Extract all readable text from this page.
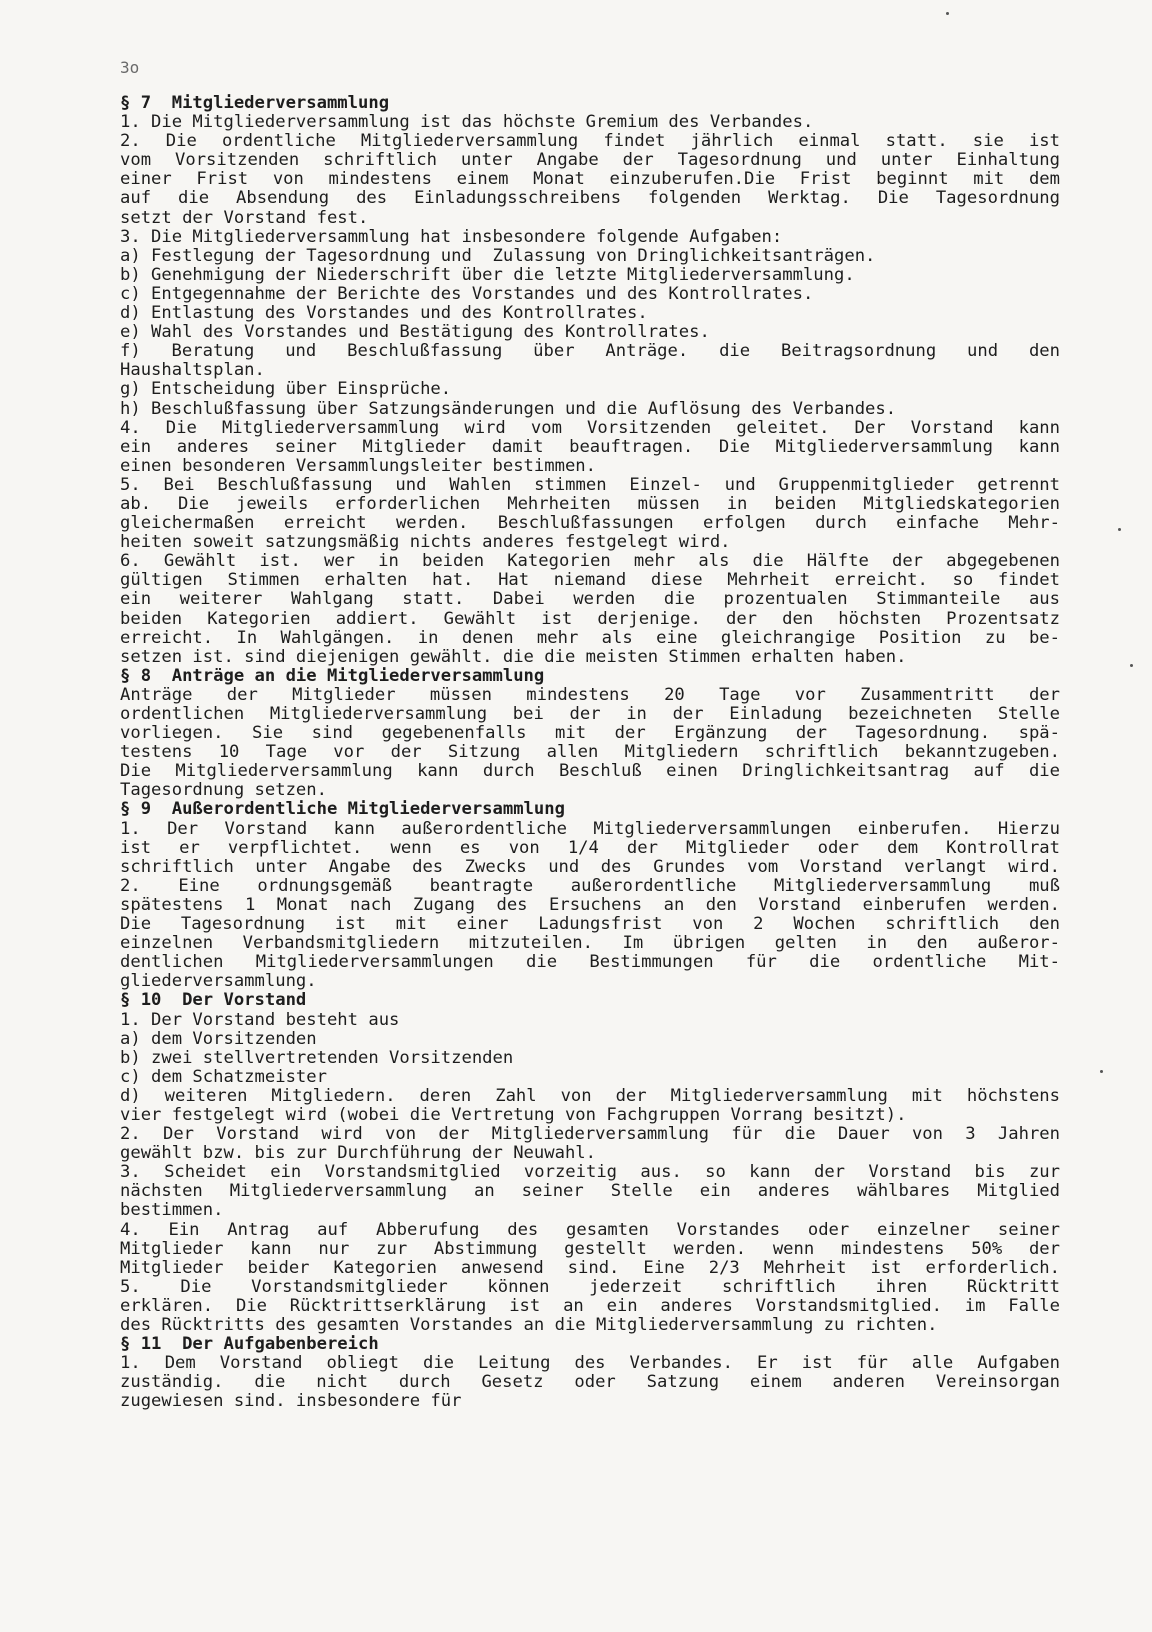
3o
§ 7  Mitgliederversammlung
1. Die Mitgliederversammlung ist das höchste Gremium des Verbandes.
2. Die ordentliche Mitgliederversammlung findet jährlich einmal statt. sie ist
vom Vorsitzenden schriftlich unter Angabe der Tagesordnung und unter Einhaltung
einer Frist von mindestens einem Monat einzuberufen.Die Frist beginnt mit dem
auf die Absendung des Einladungsschreibens folgenden Werktag. Die Tagesordnung
setzt der Vorstand fest.
3. Die Mitgliederversammlung hat insbesondere folgende Aufgaben:
a) Festlegung der Tagesordnung und  Zulassung von Dringlichkeitsanträgen.
b) Genehmigung der Niederschrift über die letzte Mitgliederversammlung.
c) Entgegennahme der Berichte des Vorstandes und des Kontrollrates.
d) Entlastung des Vorstandes und des Kontrollrates.
e) Wahl des Vorstandes und Bestätigung des Kontrollrates.
f) Beratung und Beschlußfassung über Anträge. die Beitragsordnung und den
Haushaltsplan.
g) Entscheidung über Einsprüche.
h) Beschlußfassung über Satzungsänderungen und die Auflösung des Verbandes.
4. Die Mitgliederversammlung wird vom Vorsitzenden geleitet. Der Vorstand kann
ein anderes seiner Mitglieder damit beauftragen. Die Mitgliederversammlung kann
einen besonderen Versammlungsleiter bestimmen.
5. Bei Beschlußfassung und Wahlen stimmen Einzel- und Gruppenmitglieder getrennt
ab. Die jeweils erforderlichen Mehrheiten müssen in beiden Mitgliedskategorien
gleichermaßen erreicht werden. Beschlußfassungen erfolgen durch einfache Mehr-
heiten soweit satzungsmäßig nichts anderes festgelegt wird.
6. Gewählt ist. wer in beiden Kategorien mehr als die Hälfte der abgegebenen
gültigen Stimmen erhalten hat. Hat niemand diese Mehrheit erreicht. so findet
ein weiterer Wahlgang statt. Dabei werden die prozentualen Stimmanteile aus
beiden Kategorien addiert. Gewählt ist derjenige. der den höchsten Prozentsatz
erreicht. In Wahlgängen. in denen mehr als eine gleichrangige Position zu be-
setzen ist. sind diejenigen gewählt. die die meisten Stimmen erhalten haben.
§ 8  Anträge an die Mitgliederversammlung
Anträge der Mitglieder müssen mindestens 20 Tage vor Zusammentritt der
ordentlichen Mitgliederversammlung bei der in der Einladung bezeichneten Stelle
vorliegen. Sie sind gegebenenfalls mit der Ergänzung der Tagesordnung. spä-
testens 10 Tage vor der Sitzung allen Mitgliedern schriftlich bekanntzugeben.
Die Mitgliederversammlung kann durch Beschluß einen Dringlichkeitsantrag auf die
Tagesordnung setzen.
§ 9  Außerordentliche Mitgliederversammlung
1. Der Vorstand kann außerordentliche Mitgliederversammlungen einberufen. Hierzu
ist er verpflichtet. wenn es von 1/4 der Mitglieder oder dem Kontrollrat
schriftlich unter Angabe des Zwecks und des Grundes vom Vorstand verlangt wird.
2. Eine ordnungsgemäß beantragte außerordentliche Mitgliederversammlung muß
spätestens 1 Monat nach Zugang des Ersuchens an den Vorstand einberufen werden.
Die Tagesordnung ist mit einer Ladungsfrist von 2 Wochen schriftlich den
einzelnen Verbandsmitgliedern mitzuteilen. Im übrigen gelten in den außeror-
dentlichen Mitgliederversammlungen die Bestimmungen für die ordentliche Mit-
gliederversammlung.
§ 10  Der Vorstand
1. Der Vorstand besteht aus
a) dem Vorsitzenden
b) zwei stellvertretenden Vorsitzenden
c) dem Schatzmeister
d) weiteren Mitgliedern. deren Zahl von der Mitgliederversammlung mit höchstens
vier festgelegt wird (wobei die Vertretung von Fachgruppen Vorrang besitzt).
2. Der Vorstand wird von der Mitgliederversammlung für die Dauer von 3 Jahren
gewählt bzw. bis zur Durchführung der Neuwahl.
3. Scheidet ein Vorstandsmitglied vorzeitig aus. so kann der Vorstand bis zur
nächsten Mitgliederversammlung an seiner Stelle ein anderes wählbares Mitglied
bestimmen.
4. Ein Antrag auf Abberufung des gesamten Vorstandes oder einzelner seiner
Mitglieder kann nur zur Abstimmung gestellt werden. wenn mindestens 50% der
Mitglieder beider Kategorien anwesend sind. Eine 2/3 Mehrheit ist erforderlich.
5. Die Vorstandsmitglieder können jederzeit schriftlich ihren Rücktritt
erklären. Die Rücktrittserklärung ist an ein anderes Vorstandsmitglied. im Falle
des Rücktritts des gesamten Vorstandes an die Mitgliederversammlung zu richten.
§ 11  Der Aufgabenbereich
1. Dem Vorstand obliegt die Leitung des Verbandes. Er ist für alle Aufgaben
zuständig. die nicht durch Gesetz oder Satzung einem anderen Vereinsorgan
zugewiesen sind. insbesondere für
